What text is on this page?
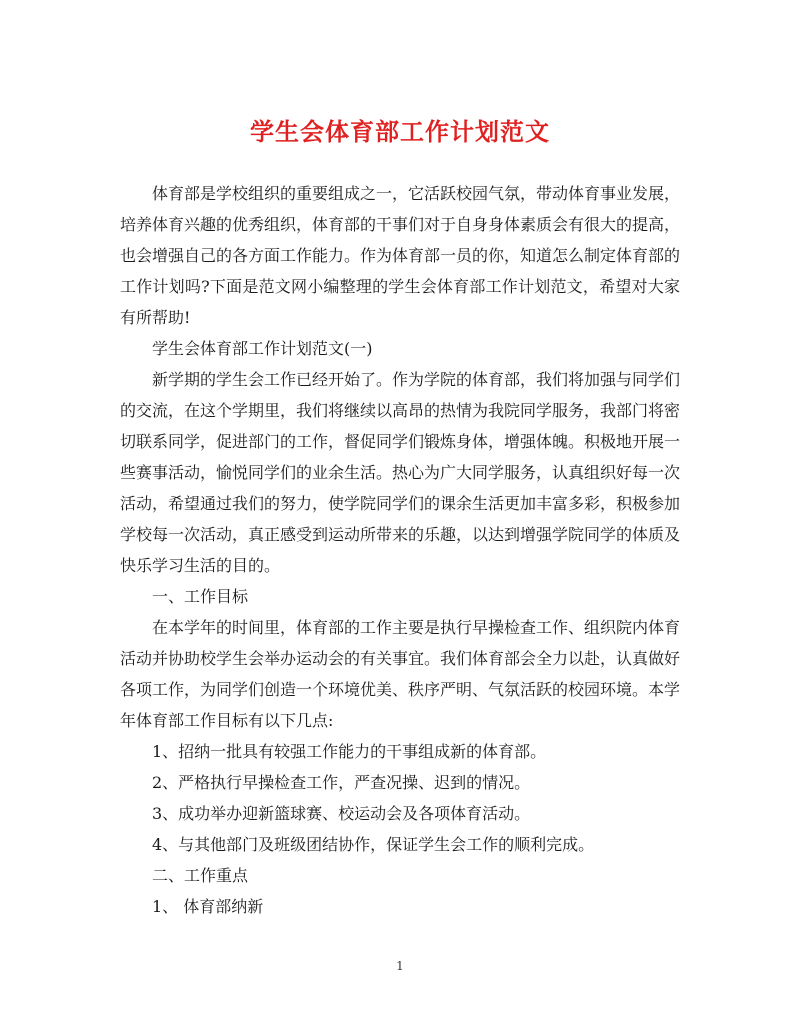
学生会体育部工作计划范文

体育部是学校组织的重要组成之一，它活跃校园气氛，带动体育事业发展，培养体育兴趣的优秀组织，体育部的干事们对于自身身体素质会有很大的提高，也会增强自己的各方面工作能力。作为体育部一员的你，知道怎么制定体育部的工作计划吗?下面是范文网小编整理的学生会体育部工作计划范文，希望对大家有所帮助!

学生会体育部工作计划范文(一)

新学期的学生会工作已经开始了。作为学院的体育部，我们将加强与同学们的交流，在这个学期里，我们将继续以高昂的热情为我院同学服务，我部门将密切联系同学，促进部门的工作，督促同学们锻炼身体，增强体魄。积极地开展一些赛事活动，愉悦同学们的业余生活。热心为广大同学服务，认真组织好每一次活动，希望通过我们的努力，使学院同学们的课余生活更加丰富多彩，积极参加学校每一次活动，真正感受到运动所带来的乐趣，以达到增强学院同学的体质及快乐学习生活的目的。

一、工作目标

在本学年的时间里，体育部的工作主要是执行早操检查工作、组织院内体育活动并协助校学生会举办运动会的有关事宜。我们体育部会全力以赴，认真做好各项工作，为同学们创造一个环境优美、秩序严明、气氛活跃的校园环境。本学年体育部工作目标有以下几点:

1、招纳一批具有较强工作能力的干事组成新的体育部。

2、严格执行早操检查工作，严查况操、迟到的情况。

3、成功举办迎新篮球赛、校运动会及各项体育活动。

4、与其他部门及班级团结协作，保证学生会工作的顺利完成。

二、工作重点

1、 体育部纳新

1
